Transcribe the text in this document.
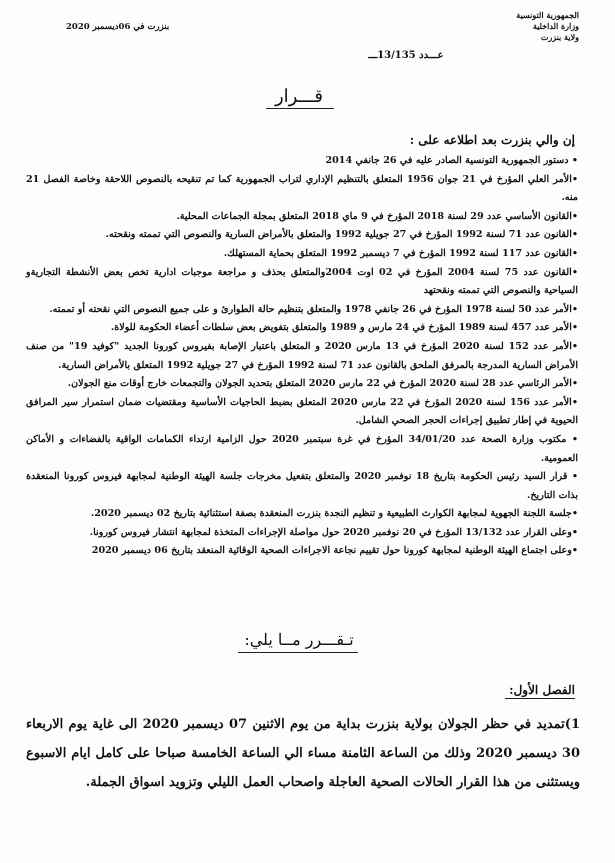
الجمهورية التونسية
وزارة الداخلية
ولاية بنزرت
بنزرت في 06ديسمبر 2020
عـــدد 13/135ـــ
قـــرار
إن والي بنزرت بعد اطلاعه على :

• دستور الجمهورية التونسية الصادر عليه في 26 جانفي 2014

•الأمر العلي المؤرخ في 21 جوان 1956 المتعلق بالتنظيم الإداري لتراب الجمهورية كما تم تنقيحه بالنصوص اللاحقة وخاصة الفصل 21 منه.

•القانون الأساسي عدد 29 لسنة 2018 المؤرخ في 9 ماي 2018 المتعلق بمجلة الجماعات المحلية.

•القانون عدد 71 لسنة 1992 المؤرخ في 27 جويلية 1992 والمتعلق بالأمراض السارية والنصوص التي تممته ونقحته.

•القانون عدد 117 لسنة 1992 المؤرخ في 7 ديسمبر 1992 المتعلق بحماية المستهلك.

•القانون عدد 75 لسنة 2004 المؤرخ في 02 اوت 2004والمتعلق بحذف و مراجعة موجبات ادارية تخص بعض الأنشطة التجاريةو السياحية والنصوص التي تممته ونقحتهد

•الأمر عدد 50 لسنة 1978 المؤرخ في 26 جانفي 1978 والمتعلق بتنظيم حالة الطوارئ و على جميع النصوص التي نقحته أو تممته.

•الأمر عدد 457 لسنة 1989 المؤرخ في 24 مارس و 1989 والمتعلق بتفويض بعض سلطات أعضاء الحكومة للولاة.

•الأمر عدد 152 لسنة 2020 المؤرخ في 13 مارس 2020 و المتعلق باعتبار الإصابة بفيروس كورونا الجديد "كوفيد 19" من صنف الأمراض السارية المدرجة بالمرفق الملحق بالقانون عدد 71 لسنة 1992 المؤرخ في 27 جويلية 1992 المتعلق بالأمراض السارية.

•الأمر الرئاسي عدد 28 لسنة 2020 المؤرخ في 22 مارس 2020 المتعلق بتحديد الجولان والتجمعات خارج أوقات منع الجولان.

•الأمر عدد 156 لسنة 2020 المؤرخ في 22 مارس 2020 المتعلق بضبط الحاجيات الأساسية ومقتضيات ضمان استمرار سير المرافق الحيوية في إطار تطبيق إجراءات الحجر الصحي الشامل.

• مكتوب وزارة الصحة عدد 34/01/20 المؤرخ في غرة سبتمبر 2020 حول الزامية ارتداء الكمامات الواقية بالفضاءات و الأماكن العمومية.

• قرار السيد رئيس الحكومة بتاريخ 18 نوفمبر 2020 والمتعلق بتفعيل مخرجات جلسة الهيئة الوطنية لمجابهة فيروس كورونا المنعقدة بذات التاريخ.

•جلسة اللجنة الجهوية لمجابهة الكوارث الطبيعية و تنظيم النجدة بنزرت المنعقدة بصفة استثنائية بتاريخ 02 ديسمبر 2020.

•وعلى القرار عدد 13/132 المؤرخ في 20 نوفمبر 2020 حول مواصلة الإجراءات المتخذة لمجابهة انتشار فيروس كورونا.

•وعلى اجتماع الهيئة الوطنية لمجابهة كورونا حول تقييم نجاعة الاجراءات الصحية الوقائية المنعقد بتاريخ 06 ديسمبر 2020

تـقـــرر مــا يلي:
الفصل الأول:
1)تمديد في حظر الجولان بولاية بنزرت بداية من يوم الاثنين 07 ديسمبر 2020 الى غاية يوم الاربعاء 30 ديسمبر 2020 وذلك من الساعة الثامنة مساء الي الساعة الخامسة صباحا على كامل ايام الاسبوع ويستثنى من هذا القرار الحالات الصحية العاجلة واصحاب العمل الليلي وتزويد اسواق الجملة.
